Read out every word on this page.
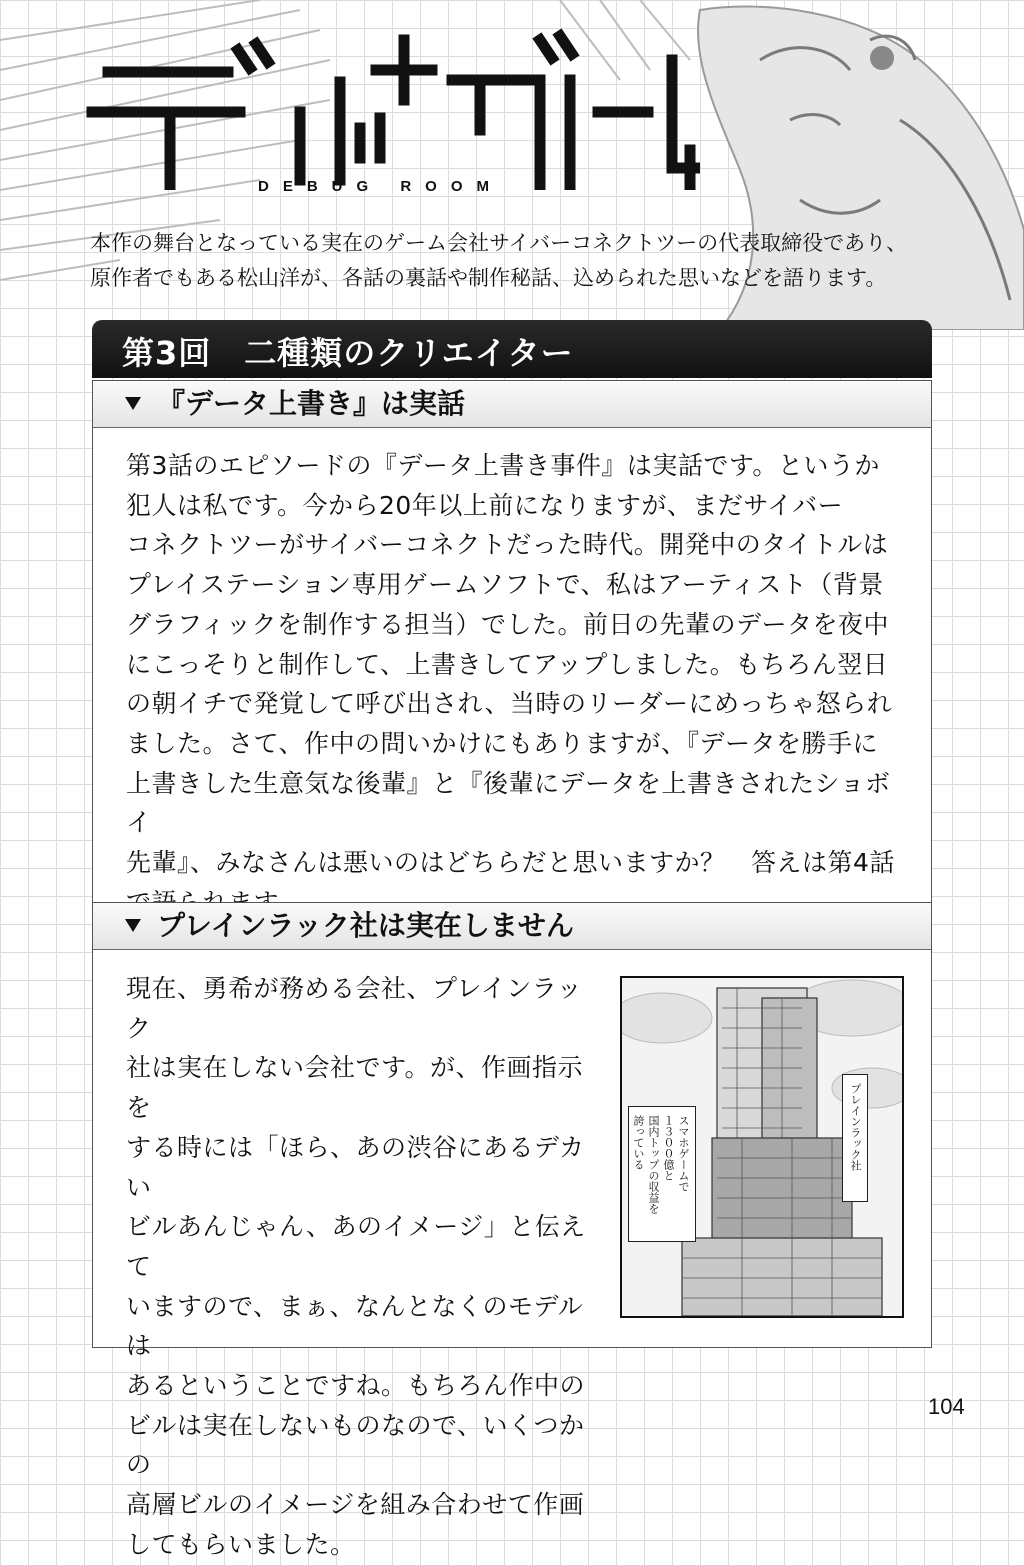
DEBUG ROOM

本作の舞台となっている実在のゲーム会社サイバーコネクトツーの代表取締役であり、
原作者でもある松山洋が、各話の裏話や制作秘話、込められた思いなどを語ります。

第3回　二種類のクリエイター
『データ上書き』は実話

第3話のエピソードの『データ上書き事件』は実話です。というか
犯人は私です。今から20年以上前になりますが、まだサイバー
コネクトツーがサイバーコネクトだった時代。開発中のタイトルは
プレイステーション専用ゲームソフトで、私はアーティスト（背景
グラフィックを制作する担当）でした。前日の先輩のデータを夜中
にこっそりと制作して、上書きしてアップしました。もちろん翌日
の朝イチで発覚して呼び出され、当時のリーダーにめっちゃ怒られ
ました。さて、作中の問いかけにもありますが、『データを勝手に
上書きした生意気な後輩』と『後輩にデータを上書きされたショボイ
先輩』、みなさんは悪いのはどちらだと思いますか？　答えは第4話

プレインラック社は実在しません

現在、勇希が務める会社、プレインラック
社は実在しない会社です。が、作画指示を
する時には「ほら、あの渋谷にあるデカい
ビルあんじゃん、あのイメージ」と伝えて
いますので、まぁ、なんとなくのモデルは
あるということですね。もちろん作中の
ビルは実在しないものなので、いくつかの
高層ビルのイメージを組み合わせて作画
してもらいました。

スマホゲームで
１３００億と
国内トップの収益を
誇っている	プレインラック社
104
